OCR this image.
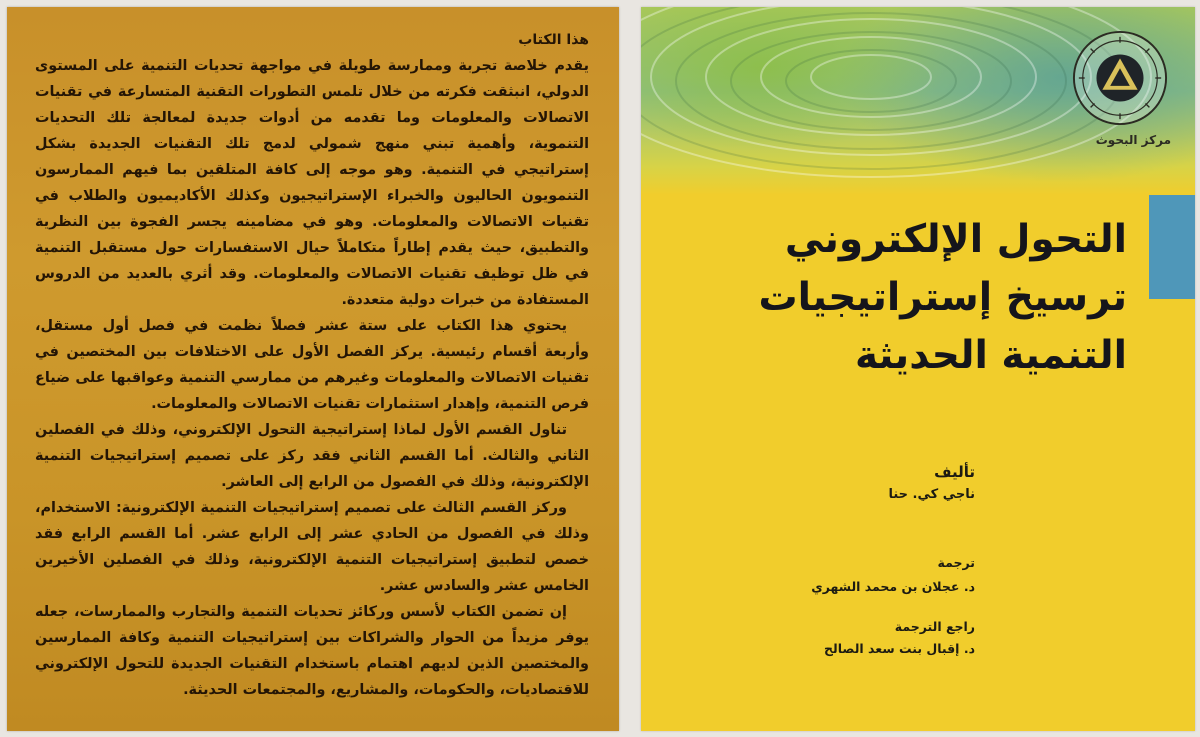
هذا الكتاب
يقدم خلاصة تجربة وممارسة طويلة في مواجهة تحديات التنمية على المستوى الدولي، انبثقت فكرته من خلال تلمس التطورات التقنية المتسارعة في تقنيات الاتصالات والمعلومات وما تقدمه من أدوات جديدة لمعالجة تلك التحديات التنموية، وأهمية تبني منهج شمولي لدمج تلك التقنيات الجديدة بشكل إستراتيجي في التنمية. وهو موجه إلى كافة المتلقين بما فيهم الممارسون التنمويون الحاليون والخبراء الإستراتيجيون وكذلك الأكاديميون والطلاب في تقنيات الاتصالات والمعلومات. وهو في مضامينه يجسر الفجوة بين النظرية والتطبيق، حيث يقدم إطاراً متكاملاً حيال الاستفسارات حول مستقبل التنمية في ظل توظيف تقنيات الاتصالات والمعلومات. وقد أثري بالعديد من الدروس المستفادة من خبرات دولية متعددة.
يحتوي هذا الكتاب على ستة عشر فصلاً نظمت في فصل أول مستقل، وأربعة أقسام رئيسية. يركز الفصل الأول على الاختلافات بين المختصين في تقنيات الاتصالات والمعلومات وغيرهم من ممارسي التنمية وعواقبها على ضياع فرص التنمية، وإهدار استثمارات تقنيات الاتصالات والمعلومات.
تناول القسم الأول لماذا إستراتيجية التحول الإلكتروني، وذلك في الفصلين الثاني والثالث. أما القسم الثاني فقد ركز على تصميم إستراتيجيات التنمية الإلكترونية، وذلك في الفصول من الرابع إلى العاشر.
وركز القسم الثالث على تصميم إستراتيجيات التنمية الإلكترونية: الاستخدام، وذلك في الفصول من الحادي عشر إلى الرابع عشر. أما القسم الرابع فقد خصص لتطبيق إستراتيجيات التنمية الإلكترونية، وذلك في الفصلين الأخيرين الخامس عشر والسادس عشر.
إن تضمن الكتاب لأسس وركائز تحديات التنمية والتجارب والممارسات، جعله يوفر مزيداً من الحوار والشراكات بين إستراتيجيات التنمية وكافة الممارسين والمختصين الذين لديهم اهتمام باستخدام التقنيات الجديدة للتحول الإلكتروني للاقتصاديات، والحكومات، والمشاريع، والمجتمعات الحديثة.
مركز البحوث
التحول الإلكتروني
ترسيخ إستراتيجيات
التنمية الحديثة
تأليف
ناجي كي. حنا
ترجمة
د. عجلان بن محمد الشهري
راجع الترجمة
د. إقبال بنت سعد الصالح
